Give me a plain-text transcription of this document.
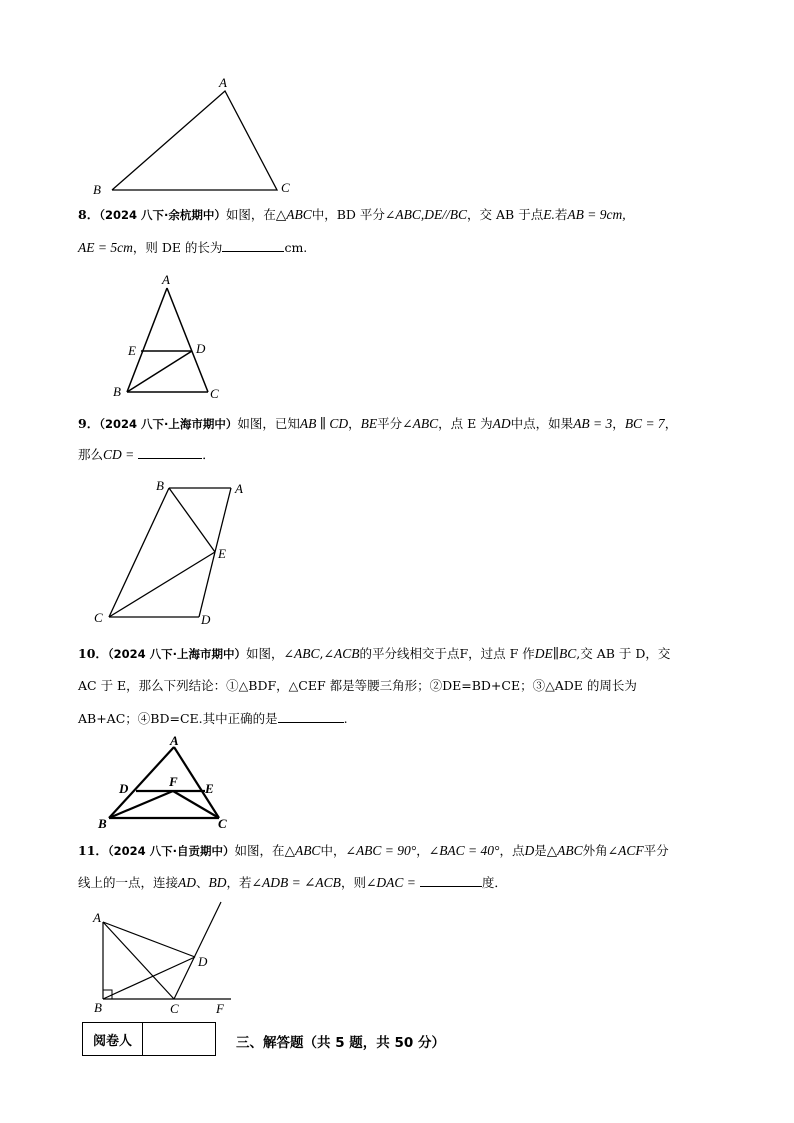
A
B	C
8．（2024 八下·余杭期中）如图，在△ABC中，BD 平分∠ABC,DE//BC，交 AB 于点E.若AB = 9cm,
AE = 5cm，则 DE 的长为	cm.
A
E	D
B	C
9．（2024 八下·上海市期中）如图，已知AB ∥ CD，BE平分∠ABC，点 E 为AD中点，如果AB = 3，BC = 7，
那么CD =	．
B	A
E
C	D
10．（2024 八下·上海市期中）如图，∠ABC,∠ACB的平分线相交于点F，过点 F 作DE∥BC,交 AB 于 D，交
AC 于 E，那么下列结论：①△BDF，△CEF 都是等腰三角形；②DE=BD+CE；③△ADE 的周长为
AB+AC；④BD=CE.其中正确的是	.
A
D	F E
B	C
11．（2024 八下·自贡期中）如图，在△ABC中，∠ABC = 90°，∠BAC = 40°，点D是△ABC外角∠ACF平分
线上的一点，连接AD、BD，若∠ADB = ∠ACB，则∠DAC =	度．
A
D
B	C	F
阅卷人		三、解答题（共 5 题，共 50 分）
